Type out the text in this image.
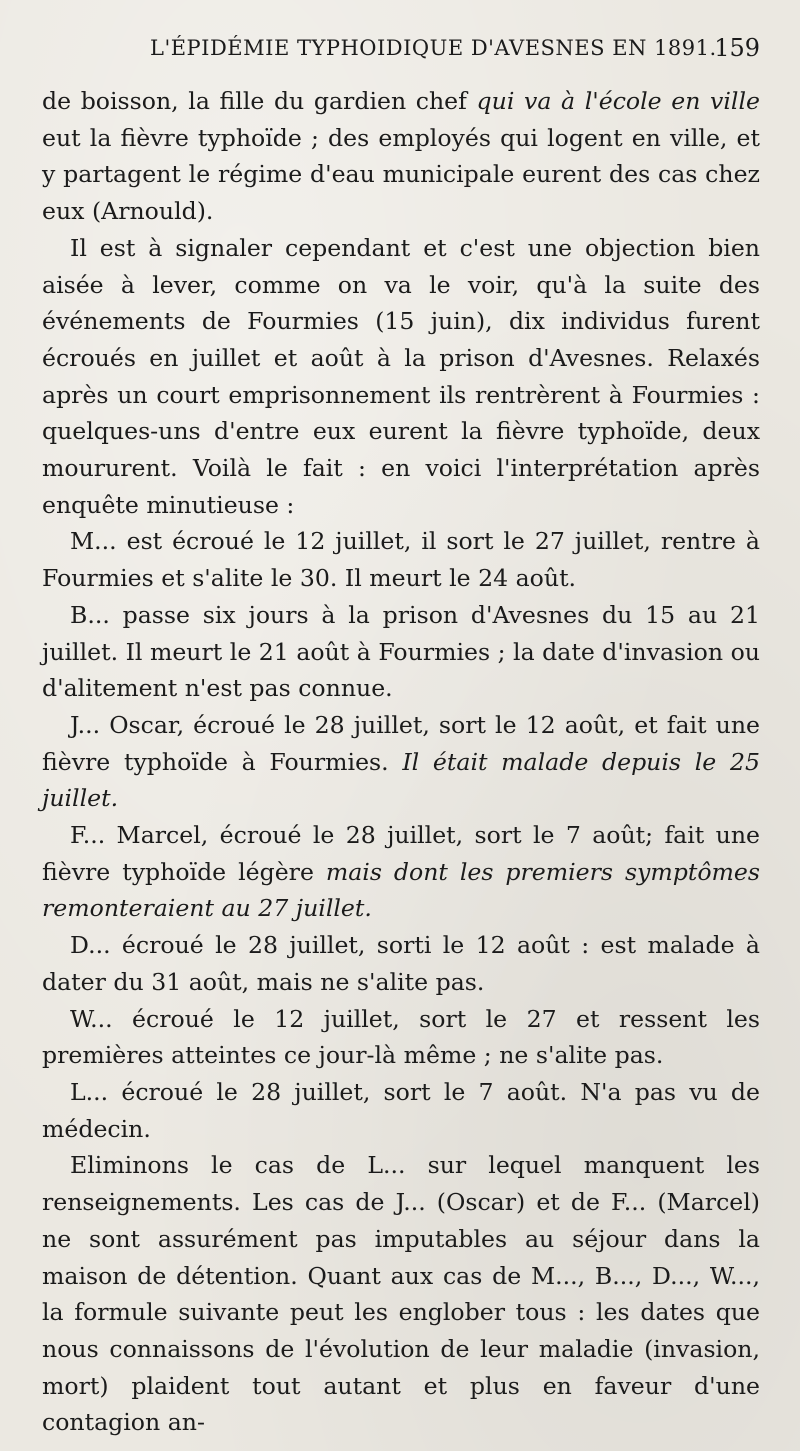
L'ÉPIDÉMIE TYPHOIDIQUE D'AVESNES EN 1891.
159

de boisson, la fille du gardien chef qui va à l'école en ville eut la fièvre typhoïde ; des employés qui logent en ville, et y partagent le régime d'eau municipale eurent des cas chez eux (Arnould).

Il est à signaler cependant et c'est une objection bien aisée à lever, comme on va le voir, qu'à la suite des événements de Fourmies (15 juin), dix individus furent écroués en juillet et août à la prison d'Avesnes. Relaxés après un court emprisonnement ils rentrèrent à Fourmies : quelques-uns d'entre eux eurent la fièvre typhoïde, deux moururent. Voilà le fait : en voici l'interprétation après enquête minutieuse :

M... est écroué le 12 juillet, il sort le 27 juillet, rentre à Fourmies et s'alite le 30. Il meurt le 24 août.

B... passe six jours à la prison d'Avesnes du 15 au 21 juillet. Il meurt le 21 août à Fourmies ; la date d'invasion ou d'alitement n'est pas connue.

J... Oscar, écroué le 28 juillet, sort le 12 août, et fait une fièvre typhoïde à Fourmies. Il était malade depuis le 25 juillet.

F... Marcel, écroué le 28 juillet, sort le 7 août; fait une fièvre typhoïde légère mais dont les premiers symptômes remonteraient au 27 juillet.

D... écroué le 28 juillet, sorti le 12 août : est malade à dater du 31 août, mais ne s'alite pas.

W... écroué le 12 juillet, sort le 27 et ressent les premières atteintes ce jour-là même ; ne s'alite pas.

L... écroué le 28 juillet, sort le 7 août. N'a pas vu de médecin.

Eliminons le cas de L... sur lequel manquent les renseignements. Les cas de J... (Oscar) et de F... (Marcel) ne sont assurément pas imputables au séjour dans la maison de détention. Quant aux cas de M..., B..., D..., W..., la formule suivante peut les englober tous : les dates que nous connaissons de l'évolution de leur maladie (invasion, mort) plaident tout autant et plus en faveur d'une contagion an-
